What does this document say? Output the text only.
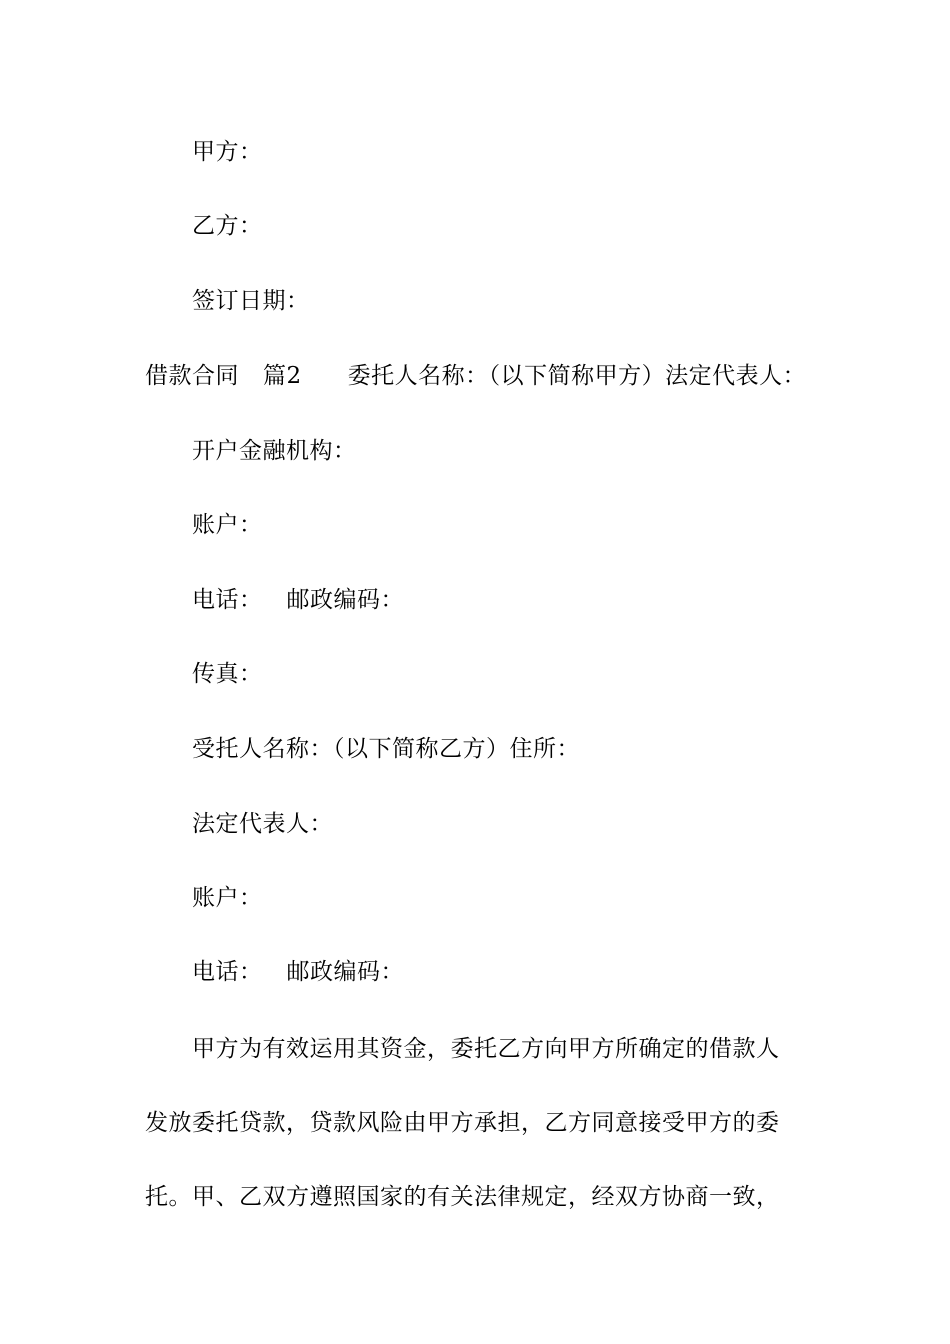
甲方：
乙方：
签订日期：
借款合同 篇2 委托人名称：（以下简称甲方）法定代表人：
开户金融机构：
账户：
电话： 邮政编码：
传真：
受托人名称：（以下简称乙方）住所：
法定代表人：
账户：
电话： 邮政编码：
甲方为有效运用其资金，委托乙方向甲方所确定的借款人
发放委托贷款，贷款风险由甲方承担，乙方同意接受甲方的委
托。甲、乙双方遵照国家的有关法律规定，经双方协商一致，
